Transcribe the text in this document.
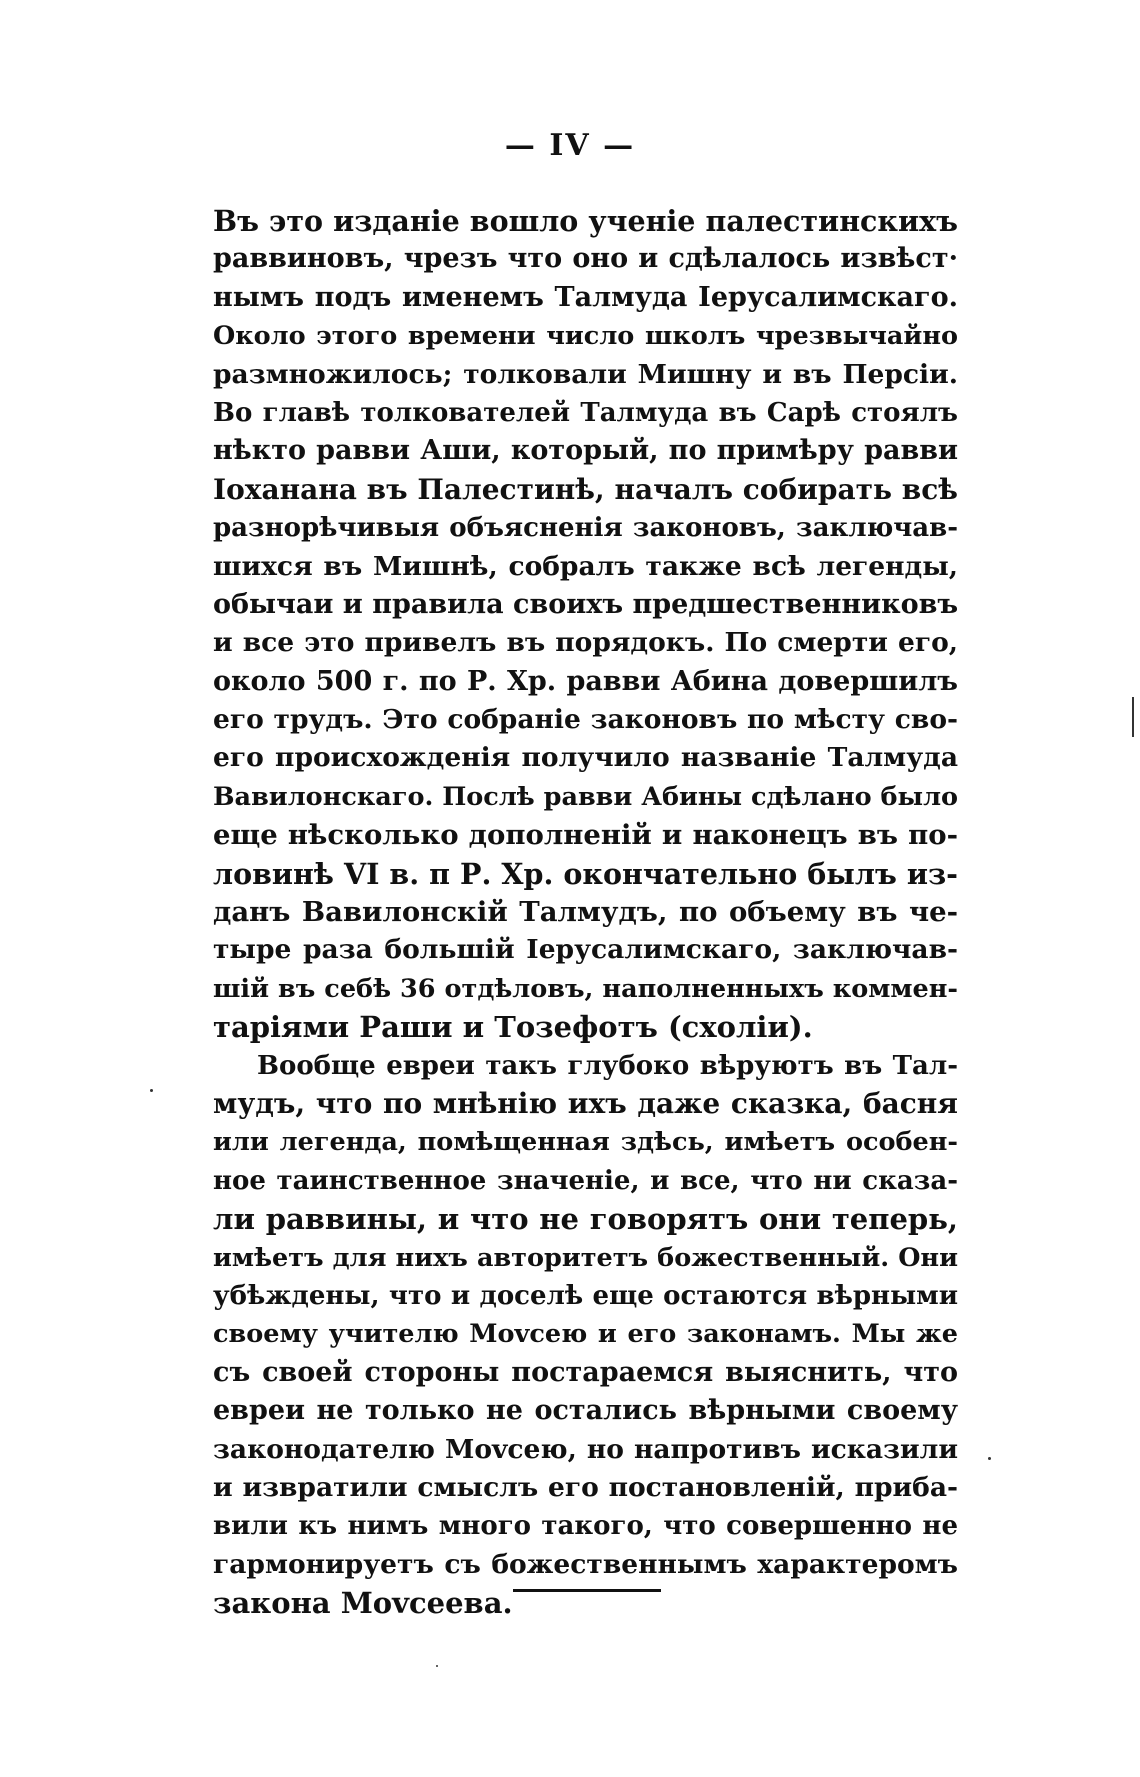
— IV —
Въ это изданіе вошло ученіе палестинскихъ
раввиновъ, чрезъ что оно и сдѣлалось извѣст·
нымъ подъ именемъ Талмуда Іерусалимскаго.
Около этого времени число школъ чрезвычайно
размножилось; толковали Мишну и въ Персіи.
Во главѣ толкователей Талмуда въ Сарѣ стоялъ
нѣкто равви Аши, который, по примѣру равви
Іоханана въ Палестинѣ, началъ собирать всѣ
разнорѣчивыя объясненія законовъ, заключав-
шихся въ Мишнѣ, собралъ также всѣ легенды,
обычаи и правила своихъ предшественниковъ
и все это привелъ въ порядокъ. По смерти его,
около 500 г. по Р. Хр. равви Абина довершилъ
его трудъ. Это собраніе законовъ по мѣсту сво-
его происхожденія получило названіе Талмуда
Вавилонскаго. Послѣ равви Абины сдѣлано было
еще нѣсколько дополненій и наконецъ въ по-
ловинѣ VI в. п Р. Хр. окончательно былъ из-
данъ Вавилонскій Талмудъ, по объему въ че-
тыре раза большій Іерусалимскаго, заключав-
шій въ себѣ 36 отдѣловъ, наполненныхъ коммен-
таріями Раши и Тозефотъ (схоліи).
Вообще евреи такъ глубоко вѣруютъ въ Тал-
мудъ, что по мнѣнію ихъ даже сказка, басня
или легенда, помѣщенная здѣсь, имѣетъ особен-
ное таинственное значеніе, и все, что ни сказа-
ли раввины, и что не говорятъ они теперь,
имѣетъ для нихъ авторитетъ божественный. Они
убѣждены, что и доселѣ еще остаются вѣрными
своему учителю Моvсею и его законамъ. Мы же
съ своей стороны постараемся выяснить, что
евреи не только не остались вѣрными своему
законодателю Моvсею, но напротивъ исказили
и извратили смыслъ его постановленій, приба-
вили къ нимъ много такого, что совершенно не
гармонируетъ съ божественнымъ характеромъ
закона Моvсеева.
